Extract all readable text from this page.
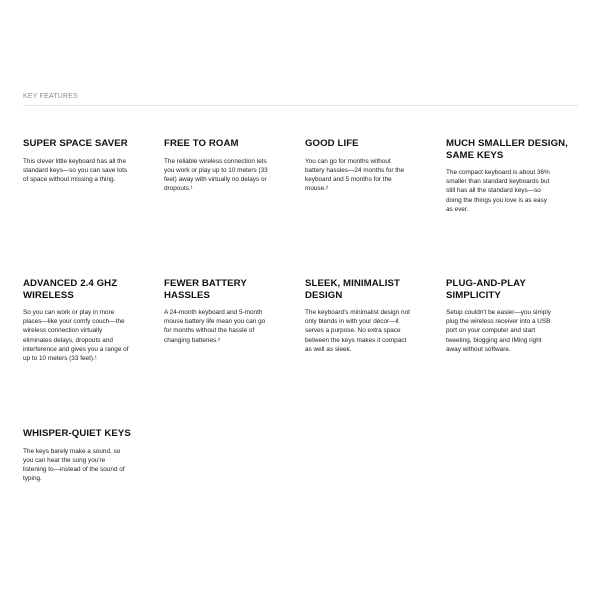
KEY FEATURES
SUPER SPACE SAVER

This clever little keyboard has all the standard keys—so you can save lots of space without missing a thing.

FREE TO ROAM

The reliable wireless connection lets you work or play up to 10 meters (33 feet) away with virtually no delays or dropouts.¹

GOOD LIFE

You can go for months without battery hassles—24 months for the keyboard and 5 months for the mouse.²

MUCH SMALLER DESIGN, SAME KEYS

The compact keyboard is about 36% smaller than standard keyboards but still has all the standard keys—so doing the things you love is as easy as ever.

ADVANCED 2.4 GHZ WIRELESS

So you can work or play in more places—like your comfy couch—the wireless connection virtually eliminates delays, dropouts and interference and gives you a range of up to 10 meters (33 feet).¹

FEWER BATTERY HASSLES

A 24-month keyboard and 5-month mouse battery life mean you can go for months without the hassle of changing batteries.²

SLEEK, MINIMALIST DESIGN

The keyboard's minimalist design not only blends in with your décor—it serves a purpose. No extra space between the keys makes it compact as well as sleek.

PLUG-AND-PLAY SIMPLICITY

Setup couldn't be easier—you simply plug the wireless receiver into a USB port on your computer and start tweeting, blogging and IMing right away without software.

WHISPER-QUIET KEYS

The keys barely make a sound, so you can hear the song you're listening to—instead of the sound of typing.
